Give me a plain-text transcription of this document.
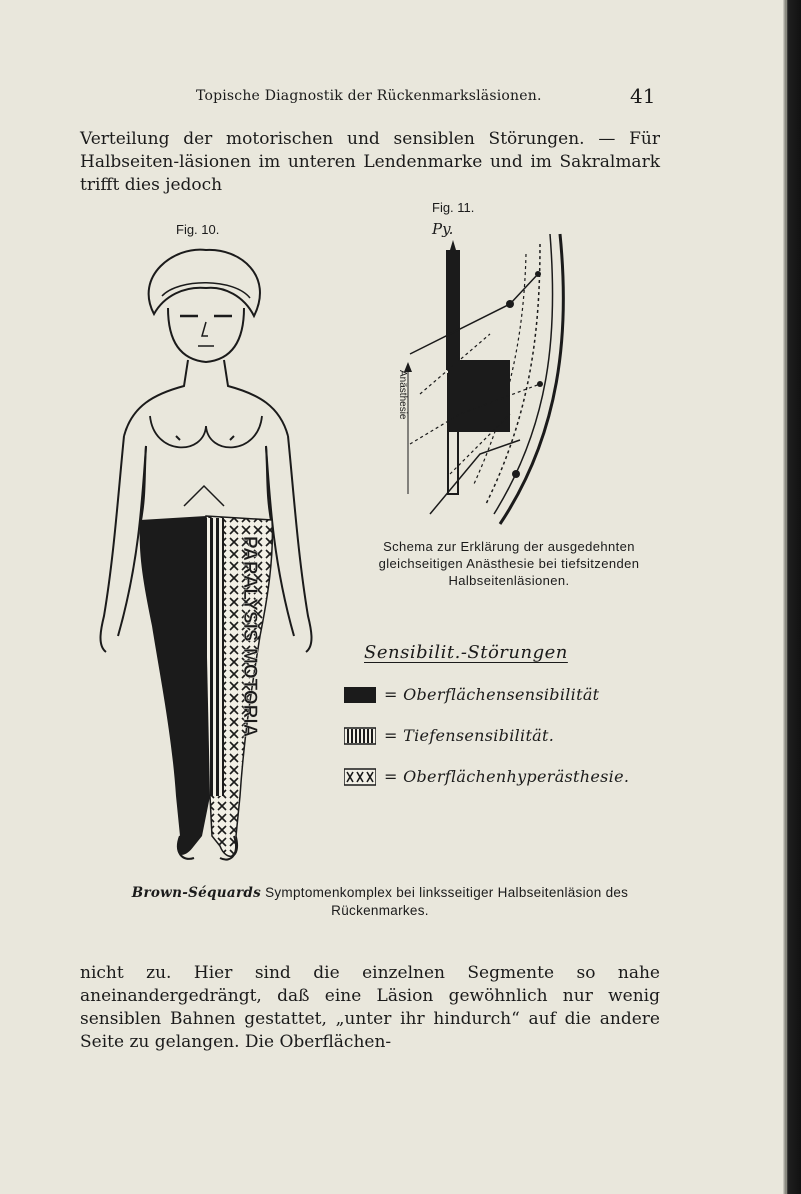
Topische Diagnostik der Rückenmarksläsionen.	41

Verteilung der motorischen und sensiblen Störungen. — Für Halbseiten-läsionen im unteren Lendenmarke und im Sakralmark trifft dies jedoch

Fig. 10.
Fig. 11.
PARALYSIS
MOTORIA
Py.
Anästhesie
Schema zur Erklärung der ausgedehnten gleichseitigen Anästhesie bei tiefsitzenden Halbseitenläsionen.
Sensibilit.-Störungen
= Oberflächensensibilität
= Tiefensensibilität.
= Oberflächenhyperästhesie.
Brown-Séquards Symptomenkomplex bei linksseitiger Halbseitenläsion des Rückenmarkes.

nicht zu. Hier sind die einzelnen Segmente so nahe aneinandergedrängt, daß eine Läsion gewöhnlich nur wenig sensiblen Bahnen gestattet, „unter ihr hindurch“ auf die andere Seite zu gelangen. Die Oberflächen-
